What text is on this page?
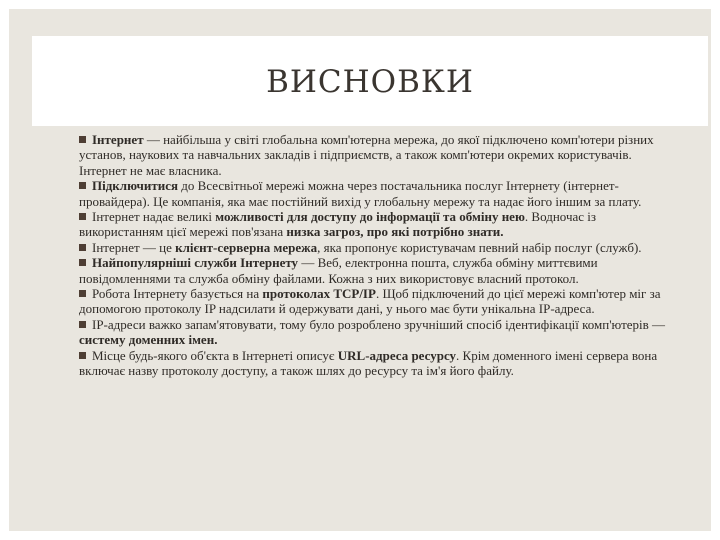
ВИСНОВКИ

Інтернет — найбільша у світі глобальна комп'ютерна мережа, до якої підключено комп'ютери різних установ, наукових та навчальних закладів і підприємств, а також комп'ютери окремих користувачів. Інтернет не має власника.

Підключитися до Всесвітньої мережі можна через постачальника послуг Інтернету (інтернет-провайдера). Це компанія, яка має постійний вихід у глобальну мережу та надає його іншим за плату.

Інтернет надає великі можливості для доступу до інформації та обміну нею. Водночас із використанням цієї мережі пов'язана низка загроз, про які потрібно знати.

Інтернет — це клієнт-серверна мережа, яка пропонує користувачам певний набір послуг (служб).

Найпопулярніші служби Інтернету — Веб, електронна пошта, служба обміну миттєвими повідомленнями та служба обміну файлами. Кожна з них використовує власний протокол.

Робота Інтернету базується на протоколах TCP/IP. Щоб підключений до цієї мережі комп'ютер міг за допомогою протоколу IP надсилати й одержувати дані, у нього має бути унікальна IP-адреса.

IP-адреси важко запам'ятовувати, тому було розроблено зручніший спосіб ідентифікації комп'ютерів — систему доменних імен.

Місце будь-якого об'єкта в Інтернеті описує URL-адреса ресурсу. Крім доменного імені сервера вона включає назву протоколу доступу, а також шлях до ресурсу та ім'я його файлу.
